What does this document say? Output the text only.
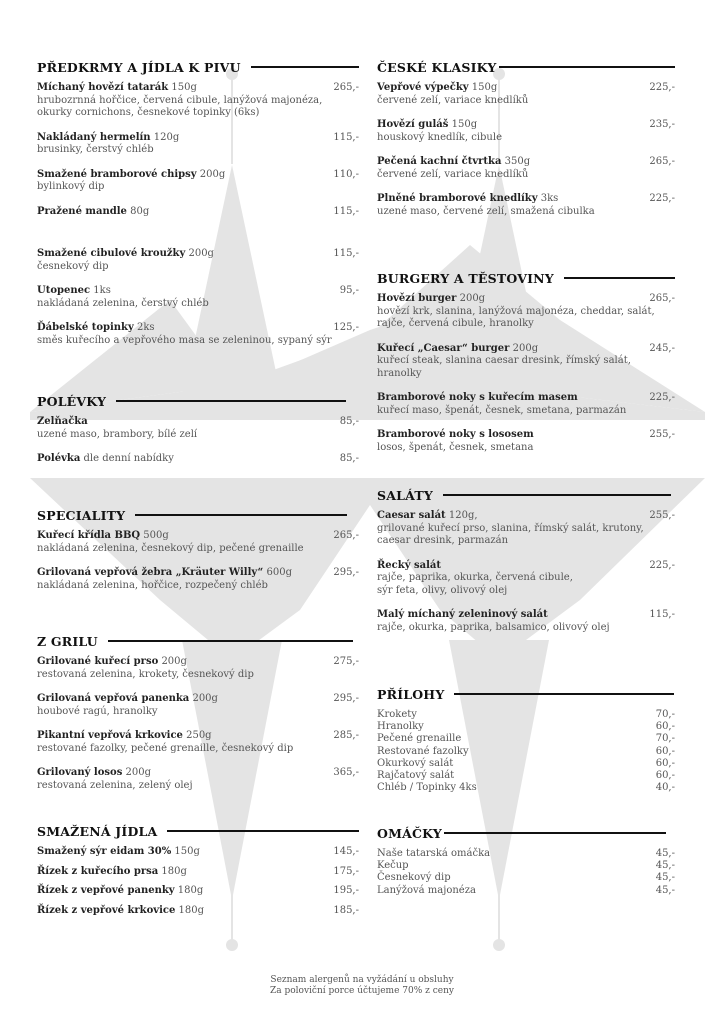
PŘEDKRMY A JÍDLA K PIVU
Míchaný hovězí tatarák 150g	265,-
hrubozrnná hořčice, červená cibule, lanýžová majonéza, okurky cornichons, česnekové topinky (6ks)
Nakládaný hermelín 120g	115,-
brusinky, čerstvý chléb
Smažené bramborové chipsy 200g	110,-
bylinkový dip
Pražené mandle 80g	115,-
Smažené cibulové kroužky 200g	115,-
česnekový dip
Utopenec 1ks	95,-
nakládaná zelenina, čerstvý chléb
Ďábelské topinky 2ks	125,-
směs kuřecího a vepřového masa se zeleninou, sypaný sýr
POLÉVKY
Zelňačka	85,-
uzené maso, brambory, bílé zelí
Polévka dle denní nabídky	85,-
SPECIALITY
Kuřecí křídla BBQ 500g	265,-
nakládaná zelenina, česnekový dip, pečené grenaille
Grilovaná vepřová žebra „Kräuter Willy“ 600g	295,-
nakládaná zelenina, hořčice, rozpečený chléb
Z GRILU
Grilované kuřecí prso 200g	275,-
restovaná zelenina, krokety, česnekový dip
Grilovaná vepřová panenka 200g	295,-
houbové ragú, hranolky
Pikantní vepřová krkovice 250g	285,-
restované fazolky, pečené grenaille, česnekový dip
Grilovaný losos 200g	365,-
restovaná zelenina, zelený olej
SMAŽENÁ JÍDLA
Smažený sýr eidam 30% 150g	145,-
Řízek z kuřecího prsa 180g	175,-
Řízek z vepřové panenky 180g	195,-
Řízek z vepřové krkovice 180g	185,-
ČESKÉ KLASIKY
Vepřové výpečky 150g	225,-
červené zelí, variace knedlíků
Hovězí guláš 150g	235,-
houskový knedlík, cibule
Pečená kachní čtvrtka 350g	265,-
červené zelí, variace knedlíků
Plněné bramborové knedlíky 3ks	225,-
uzené maso, červené zelí, smažená cibulka
BURGERY A TĚSTOVINY
Hovězí burger 200g	265,-
hovězí krk, slanina, lanýžová majonéza, cheddar, salát, rajče, červená cibule, hranolky
Kuřecí „Caesar“ burger 200g	245,-
kuřecí steak, slanina caesar dresink, římský salát, hranolky
Bramborové noky s kuřecím masem	225,-
kuřecí maso, špenát, česnek, smetana, parmazán
Bramborové noky s lososem	255,-
losos, špenát, česnek, smetana
SALÁTY
Caesar salát 120g,	255,-
grilované kuřecí prso, slanina, římský salát, krutony, caesar dresink, parmazán
Řecký salát	225,-
rajče, paprika, okurka, červená cibule, sýr feta, olivy, olivový olej
Malý míchaný zeleninový salát	115,-
rajče, okurka, paprika, balsamico, olivový olej
PŘÍLOHY
Krokety	70,-
Hranolky	60,-
Pečené grenaille	70,-
Restované fazolky	60,-
Okurkový salát	60,-
Rajčatový salát	60,-
Chléb / Topinky 4ks	40,-
OMÁČKY
Naše tatarská omáčka	45,-
Kečup	45,-
Česnekový dip	45,-
Lanýžová majonéza	45,-
Seznam alergenů na vyžádání u obsluhy
Za poloviční porce účtujeme 70% z ceny
